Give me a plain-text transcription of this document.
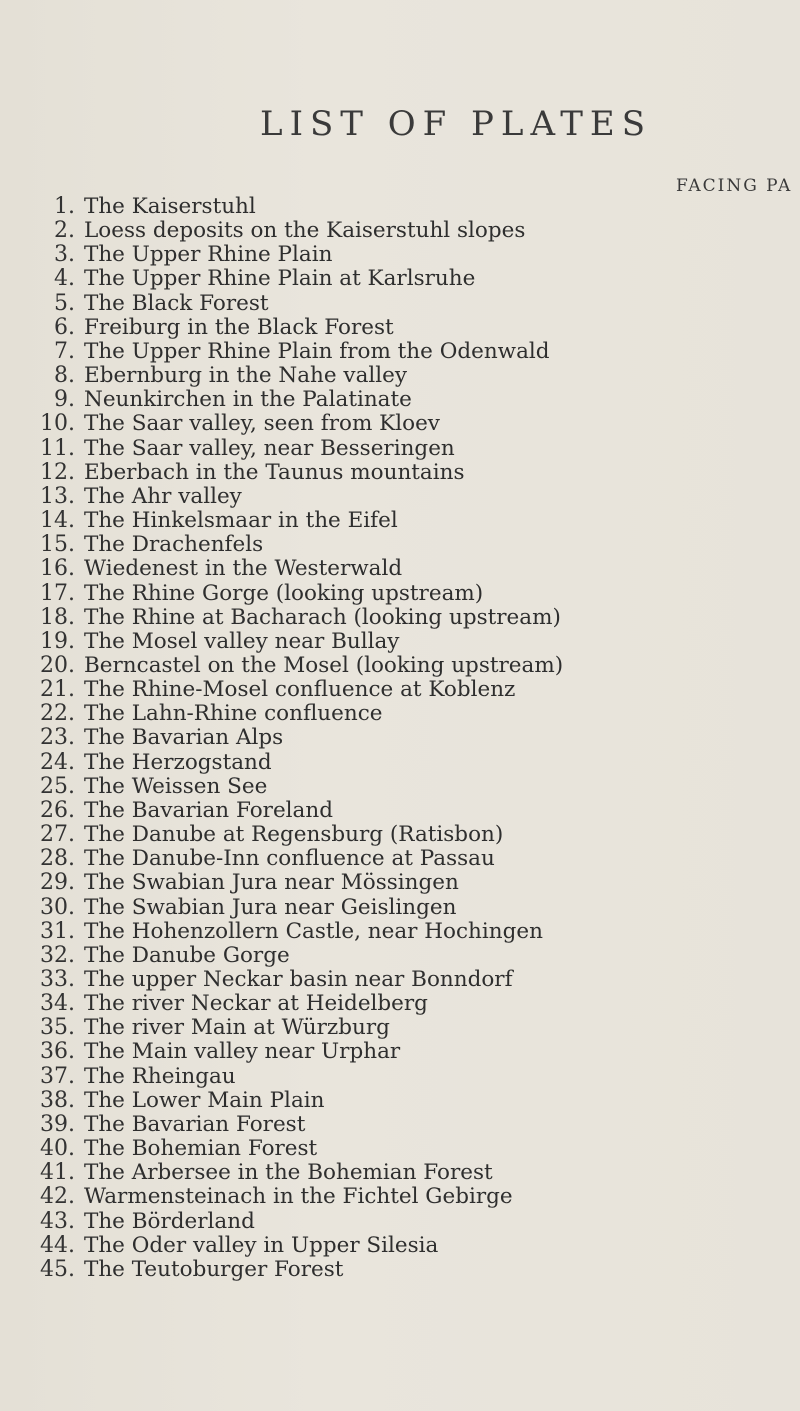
LIST OF PLATES
FACING PA
1. The Kaiserstuhl
2. Loess deposits on the Kaiserstuhl slopes
3. The Upper Rhine Plain
4. The Upper Rhine Plain at Karlsruhe
5. The Black Forest
6. Freiburg in the Black Forest
7. The Upper Rhine Plain from the Odenwald
8. Ebernburg in the Nahe valley
9. Neunkirchen in the Palatinate
10. The Saar valley, seen from Kloev
11. The Saar valley, near Besseringen
12. Eberbach in the Taunus mountains
13. The Ahr valley
14. The Hinkelsmaar in the Eifel
15. The Drachenfels
16. Wiedenest in the Westerwald
17. The Rhine Gorge (looking upstream)
18. The Rhine at Bacharach (looking upstream)
19. The Mosel valley near Bullay
20. Berncastel on the Mosel (looking upstream)
21. The Rhine-Mosel confluence at Koblenz
22. The Lahn-Rhine confluence
23. The Bavarian Alps
24. The Herzogstand
25. The Weissen See
26. The Bavarian Foreland
27. The Danube at Regensburg (Ratisbon)
28. The Danube-Inn confluence at Passau
29. The Swabian Jura near Mössingen
30. The Swabian Jura near Geislingen
31. The Hohenzollern Castle, near Hochingen
32. The Danube Gorge
33. The upper Neckar basin near Bonndorf
34. The river Neckar at Heidelberg
35. The river Main at Würzburg
36. The Main valley near Urphar
37. The Rheingau
38. The Lower Main Plain
39. The Bavarian Forest
40. The Bohemian Forest
41. The Arbersee in the Bohemian Forest
42. Warmensteinach in the Fichtel Gebirge
43. The Börderland
44. The Oder valley in Upper Silesia
45. The Teutoburger Forest
